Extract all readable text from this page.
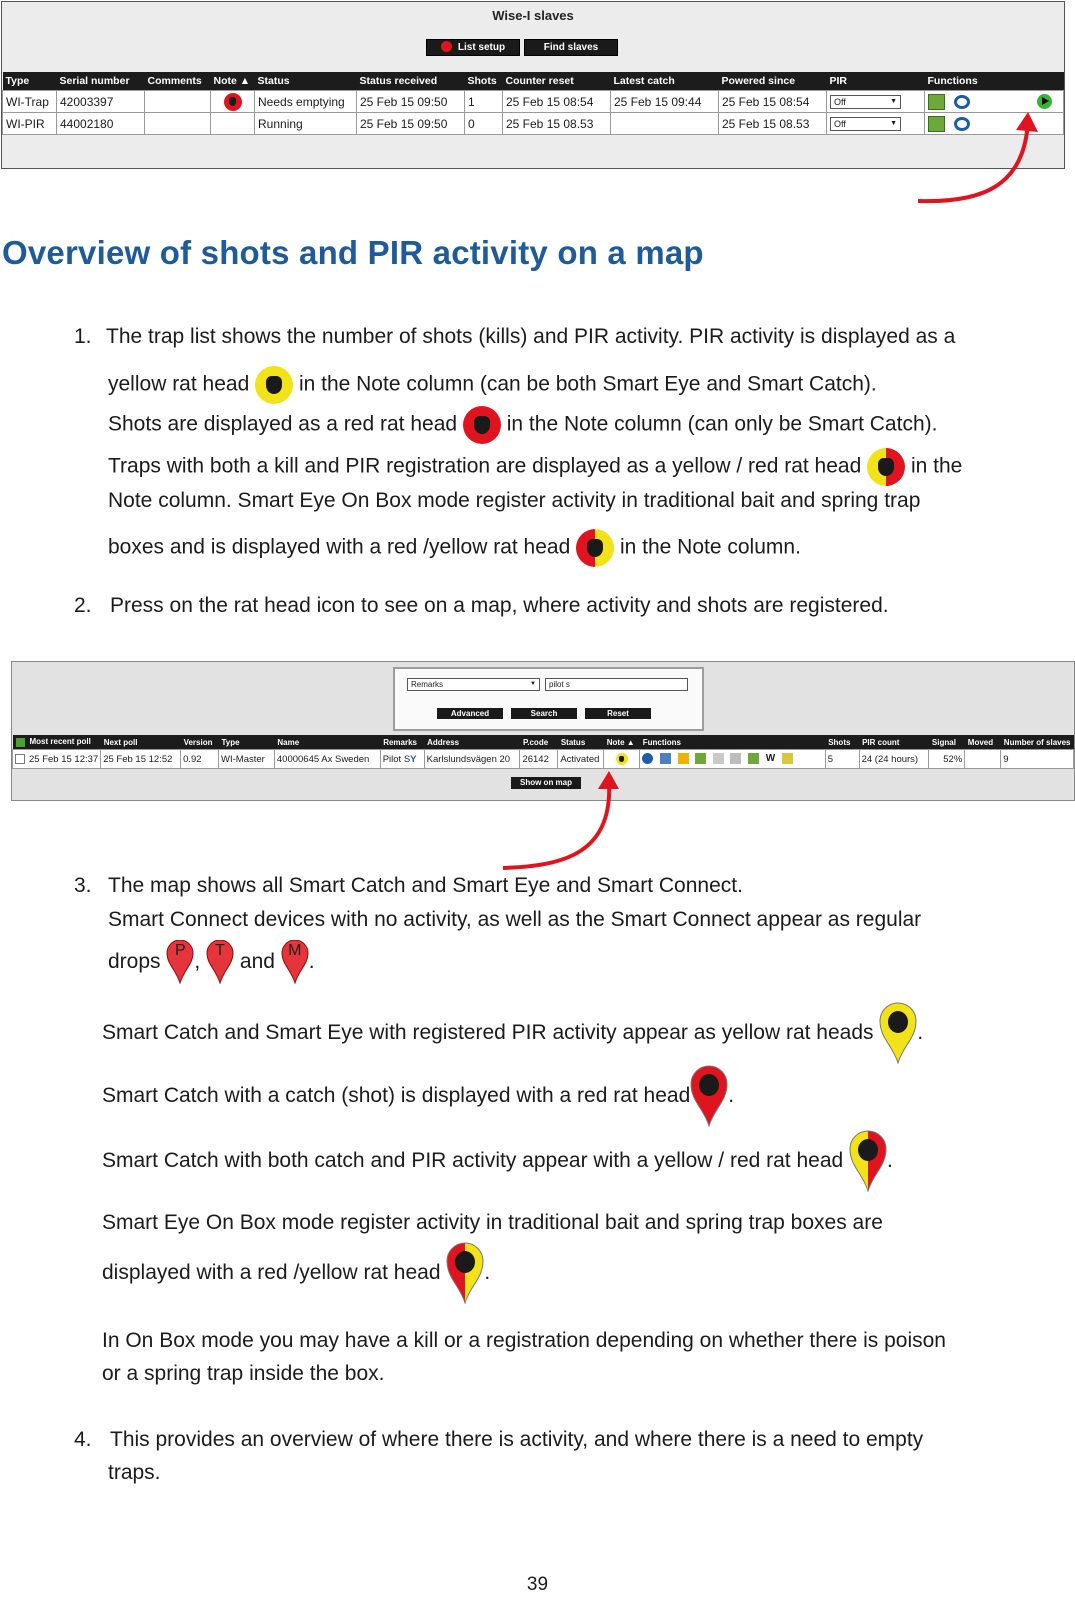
Wise-I slaves
List setup	Find slaves
Type	Serial number	Comments	Note ▲	Status	Status received	Shots	Counter reset	Latest catch	Powered since	PIR	Functions
WI-Trap	42003397			Needs emptying	25 Feb 15 09:50	1	25 Feb 15 08:54	25 Feb 15 09:44	25 Feb 15 08:54	Off ▼	
WI-PIR	44002180			Running	25 Feb 15 09:50	0	25 Feb 15 08.53		25 Feb 15 08.53	Off ▼	
Overview of shots and PIR activity on a map
1. The trap list shows the number of shots (kills) and PIR activity. PIR activity is displayed as a
yellow rat head in the Note column (can be both Smart Eye and Smart Catch).
Shots are displayed as a red rat head in the Note column (can only be Smart Catch).
Traps with both a kill and PIR registration are displayed as a yellow / red rat head in the
Note column. Smart Eye On Box mode register activity in traditional bait and spring trap
boxes and is displayed with a red /yellow rat head in the Note column.
2. Press on the rat head icon to see on a map, where activity and shots are registered.
Remarks	▼	pilot s
Advanced	Search	Reset
Most recent poll	Next poll	Version	Type	Name	Remarks	Address	P.code	Status	Note ▲	Functions	Shots	PIR count	Signal	Moved	Number of slaves
25 Feb 15 12:37	25 Feb 15 12:52	0.92	WI-Master	40000645 Ax Sweden	Pilot SY	Karlslundsvägen 20	26142	Activated		W	5	24 (24 hours)	52%		9
Show on map
3. The map shows all Smart Catch and Smart Eye and Smart Connect.
Smart Connect devices with no activity, as well as the Smart Connect appear as regular
drops P , T and M .
Smart Catch and Smart Eye with registered PIR activity appear as yellow rat heads .
Smart Catch with a catch (shot) is displayed with a red rat head .
Smart Catch with both catch and PIR activity appear with a yellow / red rat head .
Smart Eye On Box mode register activity in traditional bait and spring trap boxes are
displayed with a red /yellow rat head .
In On Box mode you may have a kill or a registration depending on whether there is poison
or a spring trap inside the box.
4. This provides an overview of where there is activity, and where there is a need to empty
traps.
39
